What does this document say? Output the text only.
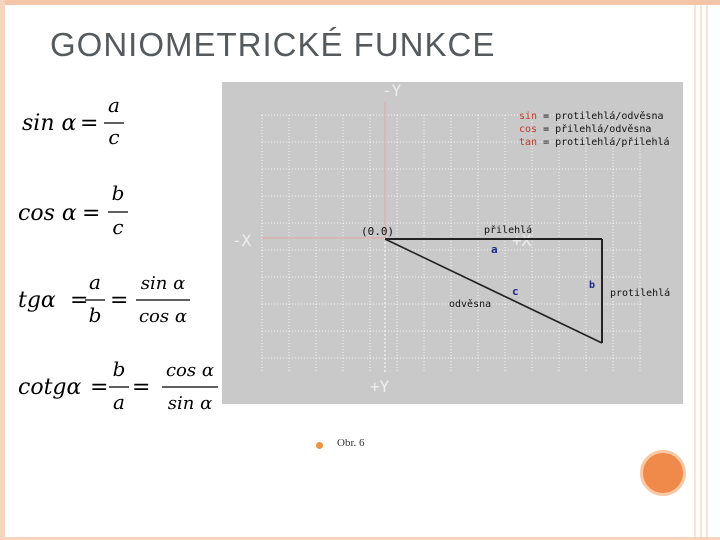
GONIOMETRICKÉ FUNKCE
sin α =
a
c
cos α =
b
c
tgα =
a
b
=
sin α
cos α
cotgα =
b
a
=
cos α
sin α
-Y
-X	+X
+Y
sin = protilehlá/odvěsna
cos = přilehlá/odvěsna
tan = protilehlá/přilehlá
(0.0)	přilehlá
a
odvěsna
c	b
protilehlá
Obr. 6
